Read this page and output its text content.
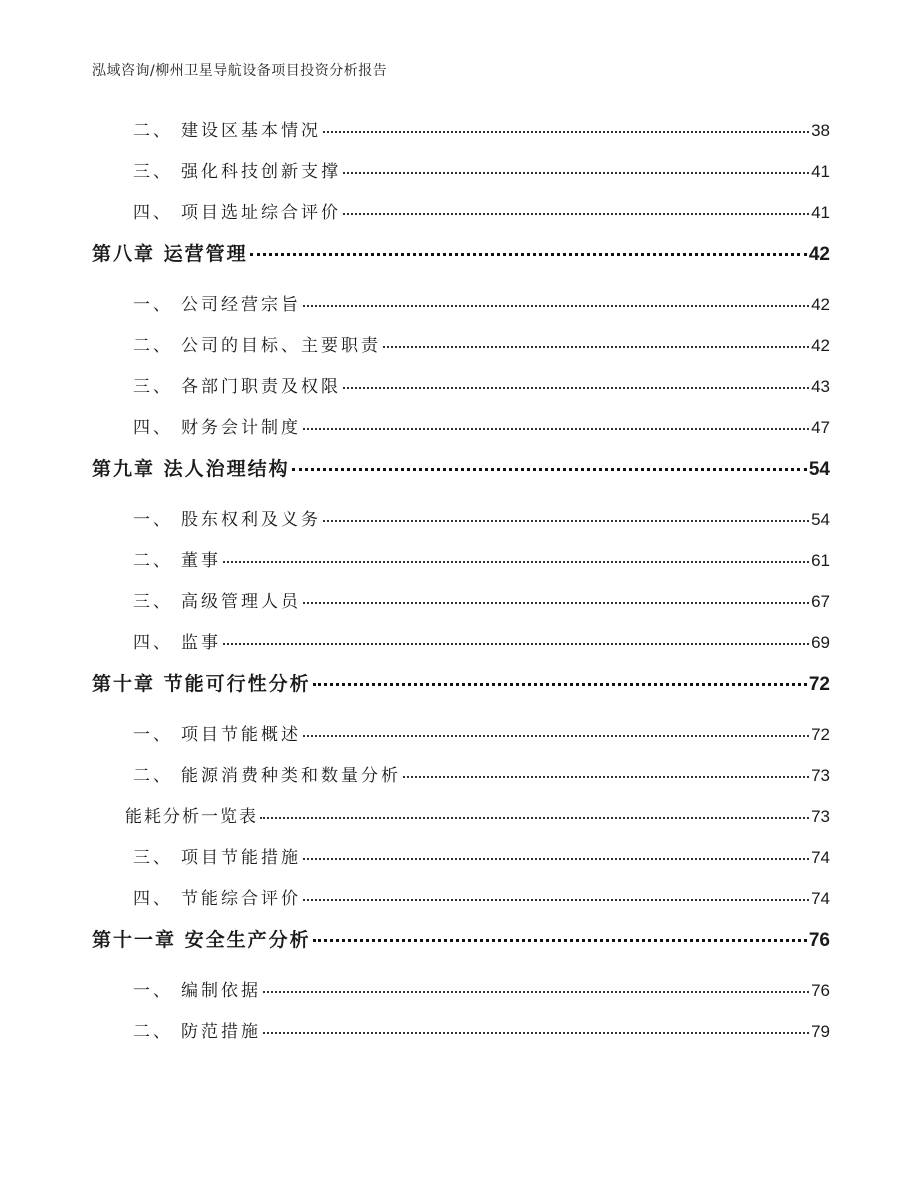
泓域咨询/柳州卫星导航设备项目投资分析报告
二、 建设区基本情况	38
三、 强化科技创新支撑	41
四、 项目选址综合评价	41
第八章 运营管理	42
一、 公司经营宗旨	42
二、 公司的目标、主要职责	42
三、 各部门职责及权限	43
四、 财务会计制度	47
第九章 法人治理结构	54
一、 股东权利及义务	54
二、 董事	61
三、 高级管理人员	67
四、 监事	69
第十章 节能可行性分析	72
一、 项目节能概述	72
二、 能源消费种类和数量分析	73
能耗分析一览表	73
三、 项目节能措施	74
四、 节能综合评价	74
第十一章 安全生产分析	76
一、 编制依据	76
二、 防范措施	79
